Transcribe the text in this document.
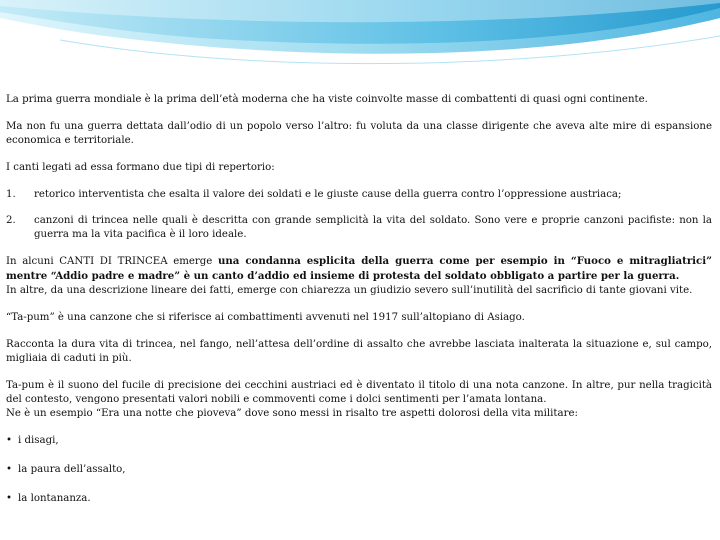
La prima guerra mondiale è la prima dell’età moderna che ha viste coinvolte masse di combattenti di quasi ogni continente.

Ma non fu una guerra dettata dall’odio di un popolo verso l’altro: fu voluta da una classe dirigente che aveva alte mire di espansione economica e territoriale.

I canti legati ad essa formano due tipi di repertorio:

1.	retorico interventista che esalta il valore dei soldati e le giuste cause della guerra contro l’oppressione austriaca;
2.	canzoni di trincea nelle quali è descritta con grande semplicità la vita del soldato. Sono vere e proprie canzoni pacifiste: non la guerra ma la vita pacifica è il loro ideale.

In alcuni CANTI DI TRINCEA emerge una condanna esplicita della guerra come per esempio in “Fuoco e mitragliatrici” mentre “Addio padre e madre” è un canto d’addio ed insieme di protesta del soldato obbligato a partire per la guerra.

In altre, da una descrizione lineare dei fatti, emerge con chiarezza un giudizio severo sull’inutilità del sacrificio di tante giovani vite.

“Ta-pum” è una canzone che si riferisce ai combattimenti avvenuti nel 1917 sull’altopiano di Asiago.

Racconta la dura vita di trincea, nel fango, nell’attesa dell’ordine di assalto che avrebbe lasciata inalterata la situazione e, sul campo, migliaia di caduti in più.

Ta-pum è il suono del fucile di precisione dei cecchini austriaci ed è diventato il titolo di una nota canzone. In altre, pur nella tragicità del contesto, vengono presentati valori nobili e commoventi come i dolci sentimenti per l’amata lontana.

Ne è un esempio “Era una notte che pioveva” dove sono messi in risalto tre aspetti dolorosi della vita militare:

• i disagi,
• la paura dell’assalto,
• la lontananza.
